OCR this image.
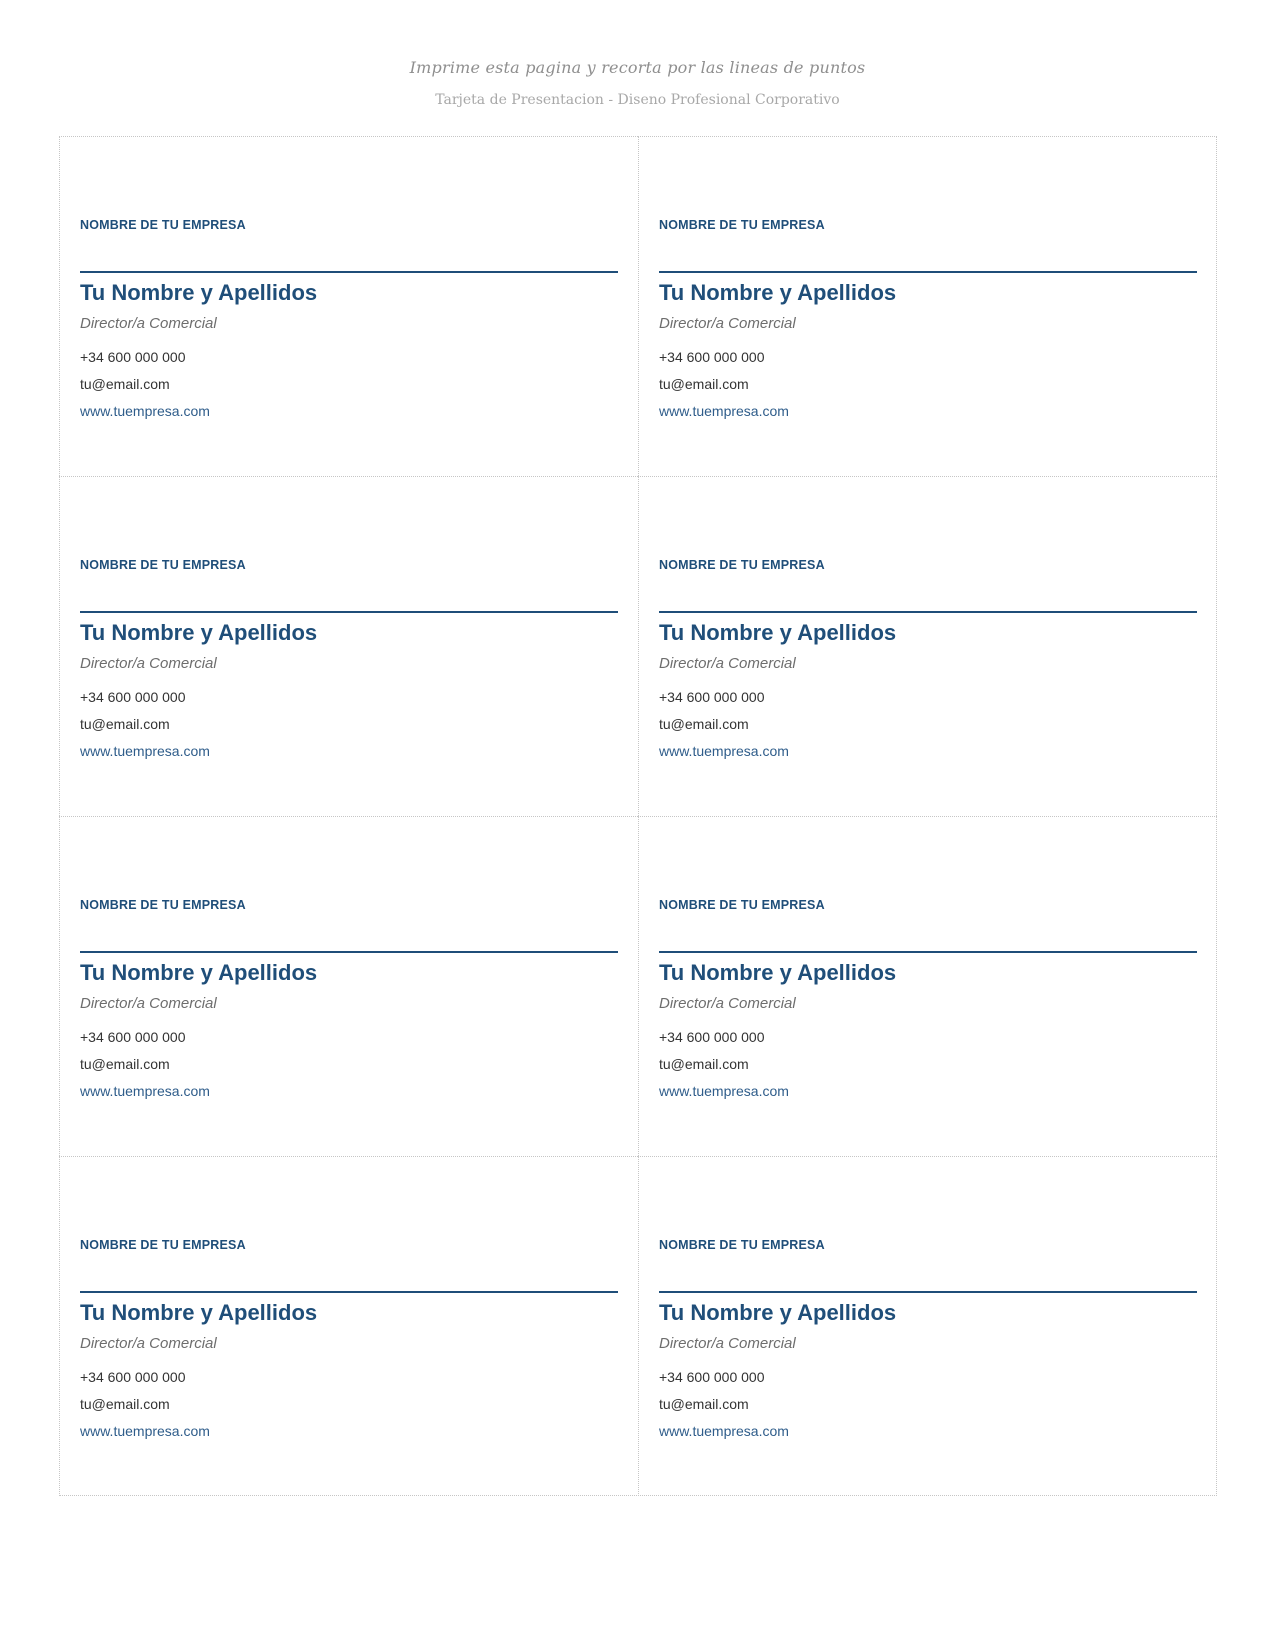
Imprime esta pagina y recorta por las lineas de puntos
Tarjeta de Presentacion - Diseno Profesional Corporativo
NOMBRE DE TU EMPRESA
Tu Nombre y Apellidos
Director/a Comercial
+34 600 000 000
tu@email.com
www.tuempresa.com
NOMBRE DE TU EMPRESA
Tu Nombre y Apellidos
Director/a Comercial
+34 600 000 000
tu@email.com
www.tuempresa.com
NOMBRE DE TU EMPRESA
Tu Nombre y Apellidos
Director/a Comercial
+34 600 000 000
tu@email.com
www.tuempresa.com
NOMBRE DE TU EMPRESA
Tu Nombre y Apellidos
Director/a Comercial
+34 600 000 000
tu@email.com
www.tuempresa.com
NOMBRE DE TU EMPRESA
Tu Nombre y Apellidos
Director/a Comercial
+34 600 000 000
tu@email.com
www.tuempresa.com
NOMBRE DE TU EMPRESA
Tu Nombre y Apellidos
Director/a Comercial
+34 600 000 000
tu@email.com
www.tuempresa.com
NOMBRE DE TU EMPRESA
Tu Nombre y Apellidos
Director/a Comercial
+34 600 000 000
tu@email.com
www.tuempresa.com
NOMBRE DE TU EMPRESA
Tu Nombre y Apellidos
Director/a Comercial
+34 600 000 000
tu@email.com
www.tuempresa.com
